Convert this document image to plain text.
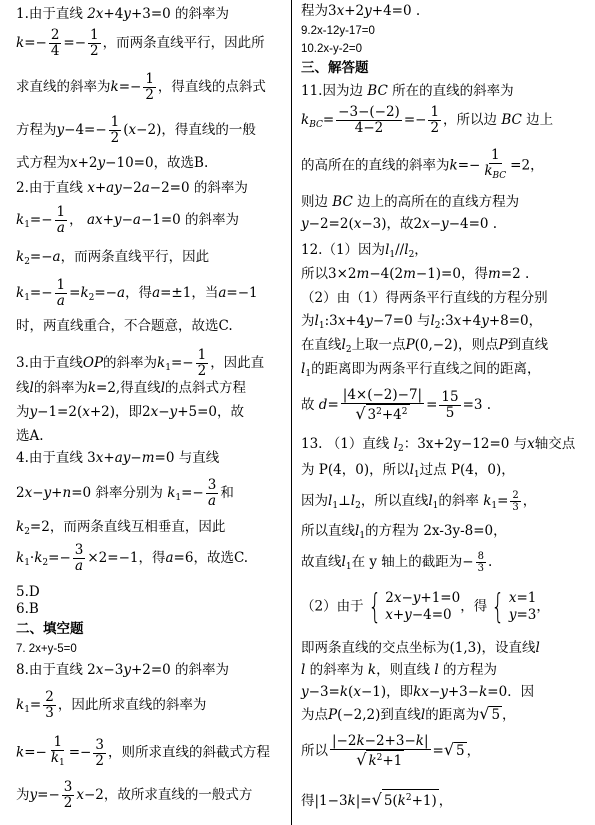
1.由于直线 2x+4y+3=0 的斜率为
$k=- \frac{2}{4} =- \frac{1}{2}$ ，而两条直线平行，因此所
求直线的斜率为$k=- \frac{1}{2}$ ，得直线的点斜式
方程为$y-4=- \frac{1}{2} (x-2)$，得直线的一般
式方程为x+2y−10=0，故选B.
2.由于直线 x+ay−2a−2=0 的斜率为
$k_1=- \frac{1}{a}$ ， ax+y−a−1=0 的斜率为
$k_2=-a$，而两条直线平行，因此
$k_1=- \frac{1}{a} =k_2=-a$，得a=±1，当a=−1
时，两直线重合，不合题意，故选C.
3.由于直线OP的斜率为$k_1=- \frac{1}{2}$ ，因此直
线l的斜率为k=2,得直线l的点斜式方程
为y−1=2(x+2)，即2x−y+5=0，故
选A.
4.由于直线 3x+ay−m=0 与直线
2x−y+n=0 斜率分别为 $k_1=- \frac{3}{a}$ 和
$k_2=2$，而两条直线互相垂直，因此
$k_1\cdot k_2=- \frac{3}{a} \times 2=-1$，得a=6，故选C.
5.D
6.B
二、填空题
7. 2x+y-5=0
8.由于直线 2x−3y+2=0 的斜率为
$k_1= \frac{2}{3}$ ，因此所求直线的斜率为
$k=- \frac{1}{k_1} =- \frac{3}{2}$ ，则所求直线的斜截式方程
为$y=- \frac{3}{2} x-2$，故所求直线的一般式方
程为3x+2y+4=0 .
9.2x-12y-17=0
10.2x-y-2=0
三、解答题
11.因为边 BC 所在的直线的斜率为
$k_{BC}= \frac{-3-(-2)}{4-2} =- \frac{1}{2}$ ，所以边 BC 边上
的高所在的直线的斜率为$k=- \frac{1}{k_{BC}} =2$，
则边 BC 边上的高所在的直线方程为
y−2=2(x−3)，故2x−y−4=0 .
12.（1）因为$l_1//l_2$，
所以3×2m−4(2m−1)=0，得m=2 .
（2）由（1）得两条平行直线的方程分别
为$l_1:3x+4y-7=0$ 与$l_2:3x+4y+8=0$，
在直线$l_2$上取一点P(0,−2)，则点P到直线
$l_1$的距离即为两条平行直线之间的距离，
故 $d= \frac{|4\times(-2)-7|}{√ 3^2+4^2} = \frac{15}{5} =3$ .
13. （1）直线 $l_2$：3x+2y−12=0 与x轴交点
为 P(4，0)，所以$l_1$过点 P(4，0)，
因为$l_1\perp l_2$，所以直线$l_1$的斜率 $k_1= \frac{2}{3}$ ，
所以直线$l_1$的方程为 2x-3y-8=0，
故直线$l_1$在 y 轴上的截距为− $\frac{8}{3}$ .
（2）由于 { 2x−y+1=0
x+y−4=0
，得 { x=1
y=3
，
即两条直线的交点坐标为(1,3)，设直线l
l 的斜率为 k，则直线 l 的方程为
y−3=k(x−1)，即kx−y+3−k=0．因
为点P(−2,2)到直线l的距离为√ 5 ，
所以 $\frac{|-2k-2+3-k|}{√ k^2+1}$ =√ 5 ，
得|1−3k|=√ $5(k^2+1)$ ，
